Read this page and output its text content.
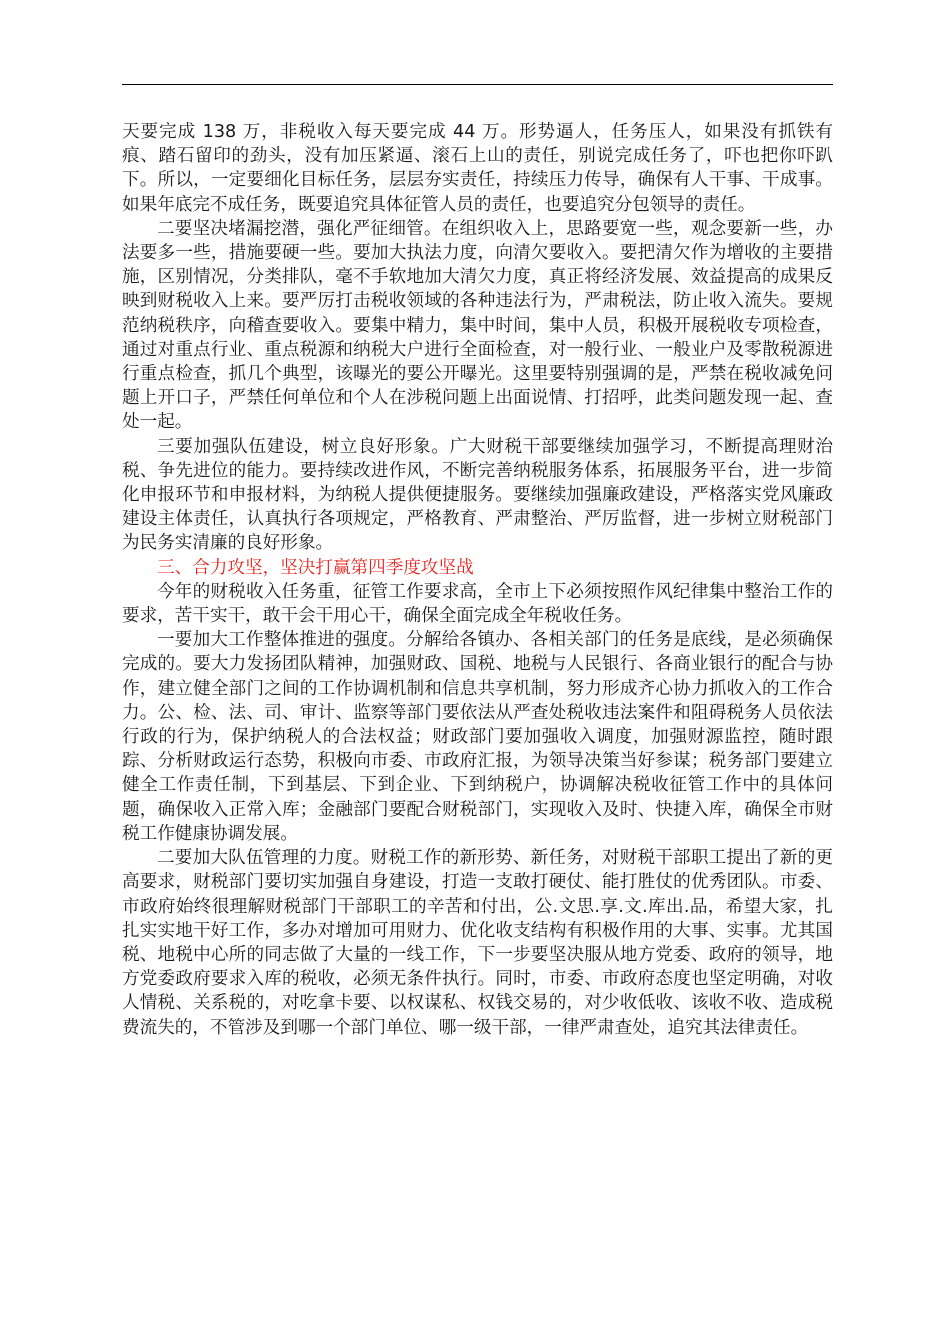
天要完成 138 万，非税收入每天要完成 44 万。形势逼人，任务压人，如果没有抓铁有痕、踏石留印的劲头，没有加压紧逼、滚石上山的责任，别说完成任务了，吓也把你吓趴下。所以，一定要细化目标任务，层层夯实责任，持续压力传导，确保有人干事、干成事。如果年底完不成任务，既要追究具体征管人员的责任，也要追究分包领导的责任。

二要坚决堵漏挖潜，强化严征细管。在组织收入上，思路要宽一些，观念要新一些，办法要多一些，措施要硬一些。要加大执法力度，向清欠要收入。要把清欠作为增收的主要措施，区别情况，分类排队，毫不手软地加大清欠力度，真正将经济发展、效益提高的成果反映到财税收入上来。要严厉打击税收领域的各种违法行为，严肃税法，防止收入流失。要规范纳税秩序，向稽查要收入。要集中精力，集中时间，集中人员，积极开展税收专项检查，通过对重点行业、重点税源和纳税大户进行全面检查，对一般行业、一般业户及零散税源进行重点检查，抓几个典型，该曝光的要公开曝光。这里要特别强调的是，严禁在税收减免问题上开口子，严禁任何单位和个人在涉税问题上出面说情、打招呼，此类问题发现一起、查处一起。

三要加强队伍建设，树立良好形象。广大财税干部要继续加强学习，不断提高理财治税、争先进位的能力。要持续改进作风，不断完善纳税服务体系，拓展服务平台，进一步简化申报环节和申报材料，为纳税人提供便捷服务。要继续加强廉政建设，严格落实党风廉政建设主体责任，认真执行各项规定，严格教育、严肃整治、严厉监督，进一步树立财税部门为民务实清廉的良好形象。

三、合力攻坚，坚决打赢第四季度攻坚战

今年的财税收入任务重，征管工作要求高，全市上下必须按照作风纪律集中整治工作的要求，苦干实干，敢干会干用心干，确保全面完成全年税收任务。

一要加大工作整体推进的强度。分解给各镇办、各相关部门的任务是底线，是必须确保完成的。要大力发扬团队精神，加强财政、国税、地税与人民银行、各商业银行的配合与协作，建立健全部门之间的工作协调机制和信息共享机制，努力形成齐心协力抓收入的工作合力。公、检、法、司、审计、监察等部门要依法从严查处税收违法案件和阻碍税务人员依法行政的行为，保护纳税人的合法权益；财政部门要加强收入调度，加强财源监控，随时跟踪、分析财政运行态势，积极向市委、市政府汇报，为领导决策当好参谋；税务部门要建立健全工作责任制，下到基层、下到企业、下到纳税户，协调解决税收征管工作中的具体问题，确保收入正常入库；金融部门要配合财税部门，实现收入及时、快捷入库，确保全市财税工作健康协调发展。

二要加大队伍管理的力度。财税工作的新形势、新任务，对财税干部职工提出了新的更高要求，财税部门要切实加强自身建设，打造一支敢打硬仗、能打胜仗的优秀团队。市委、市政府始终很理解财税部门干部职工的辛苦和付出，公.文思.享.文.库出.品，希望大家，扎扎实实地干好工作，多办对增加可用财力、优化收支结构有积极作用的大事、实事。尤其国税、地税中心所的同志做了大量的一线工作，下一步要坚决服从地方党委、政府的领导，地方党委政府要求入库的税收，必须无条件执行。同时，市委、市政府态度也坚定明确，对收人情税、关系税的，对吃拿卡要、以权谋私、权钱交易的，对少收低收、该收不收、造成税费流失的，不管涉及到哪一个部门单位、哪一级干部，一律严肃查处，追究其法律责任。
